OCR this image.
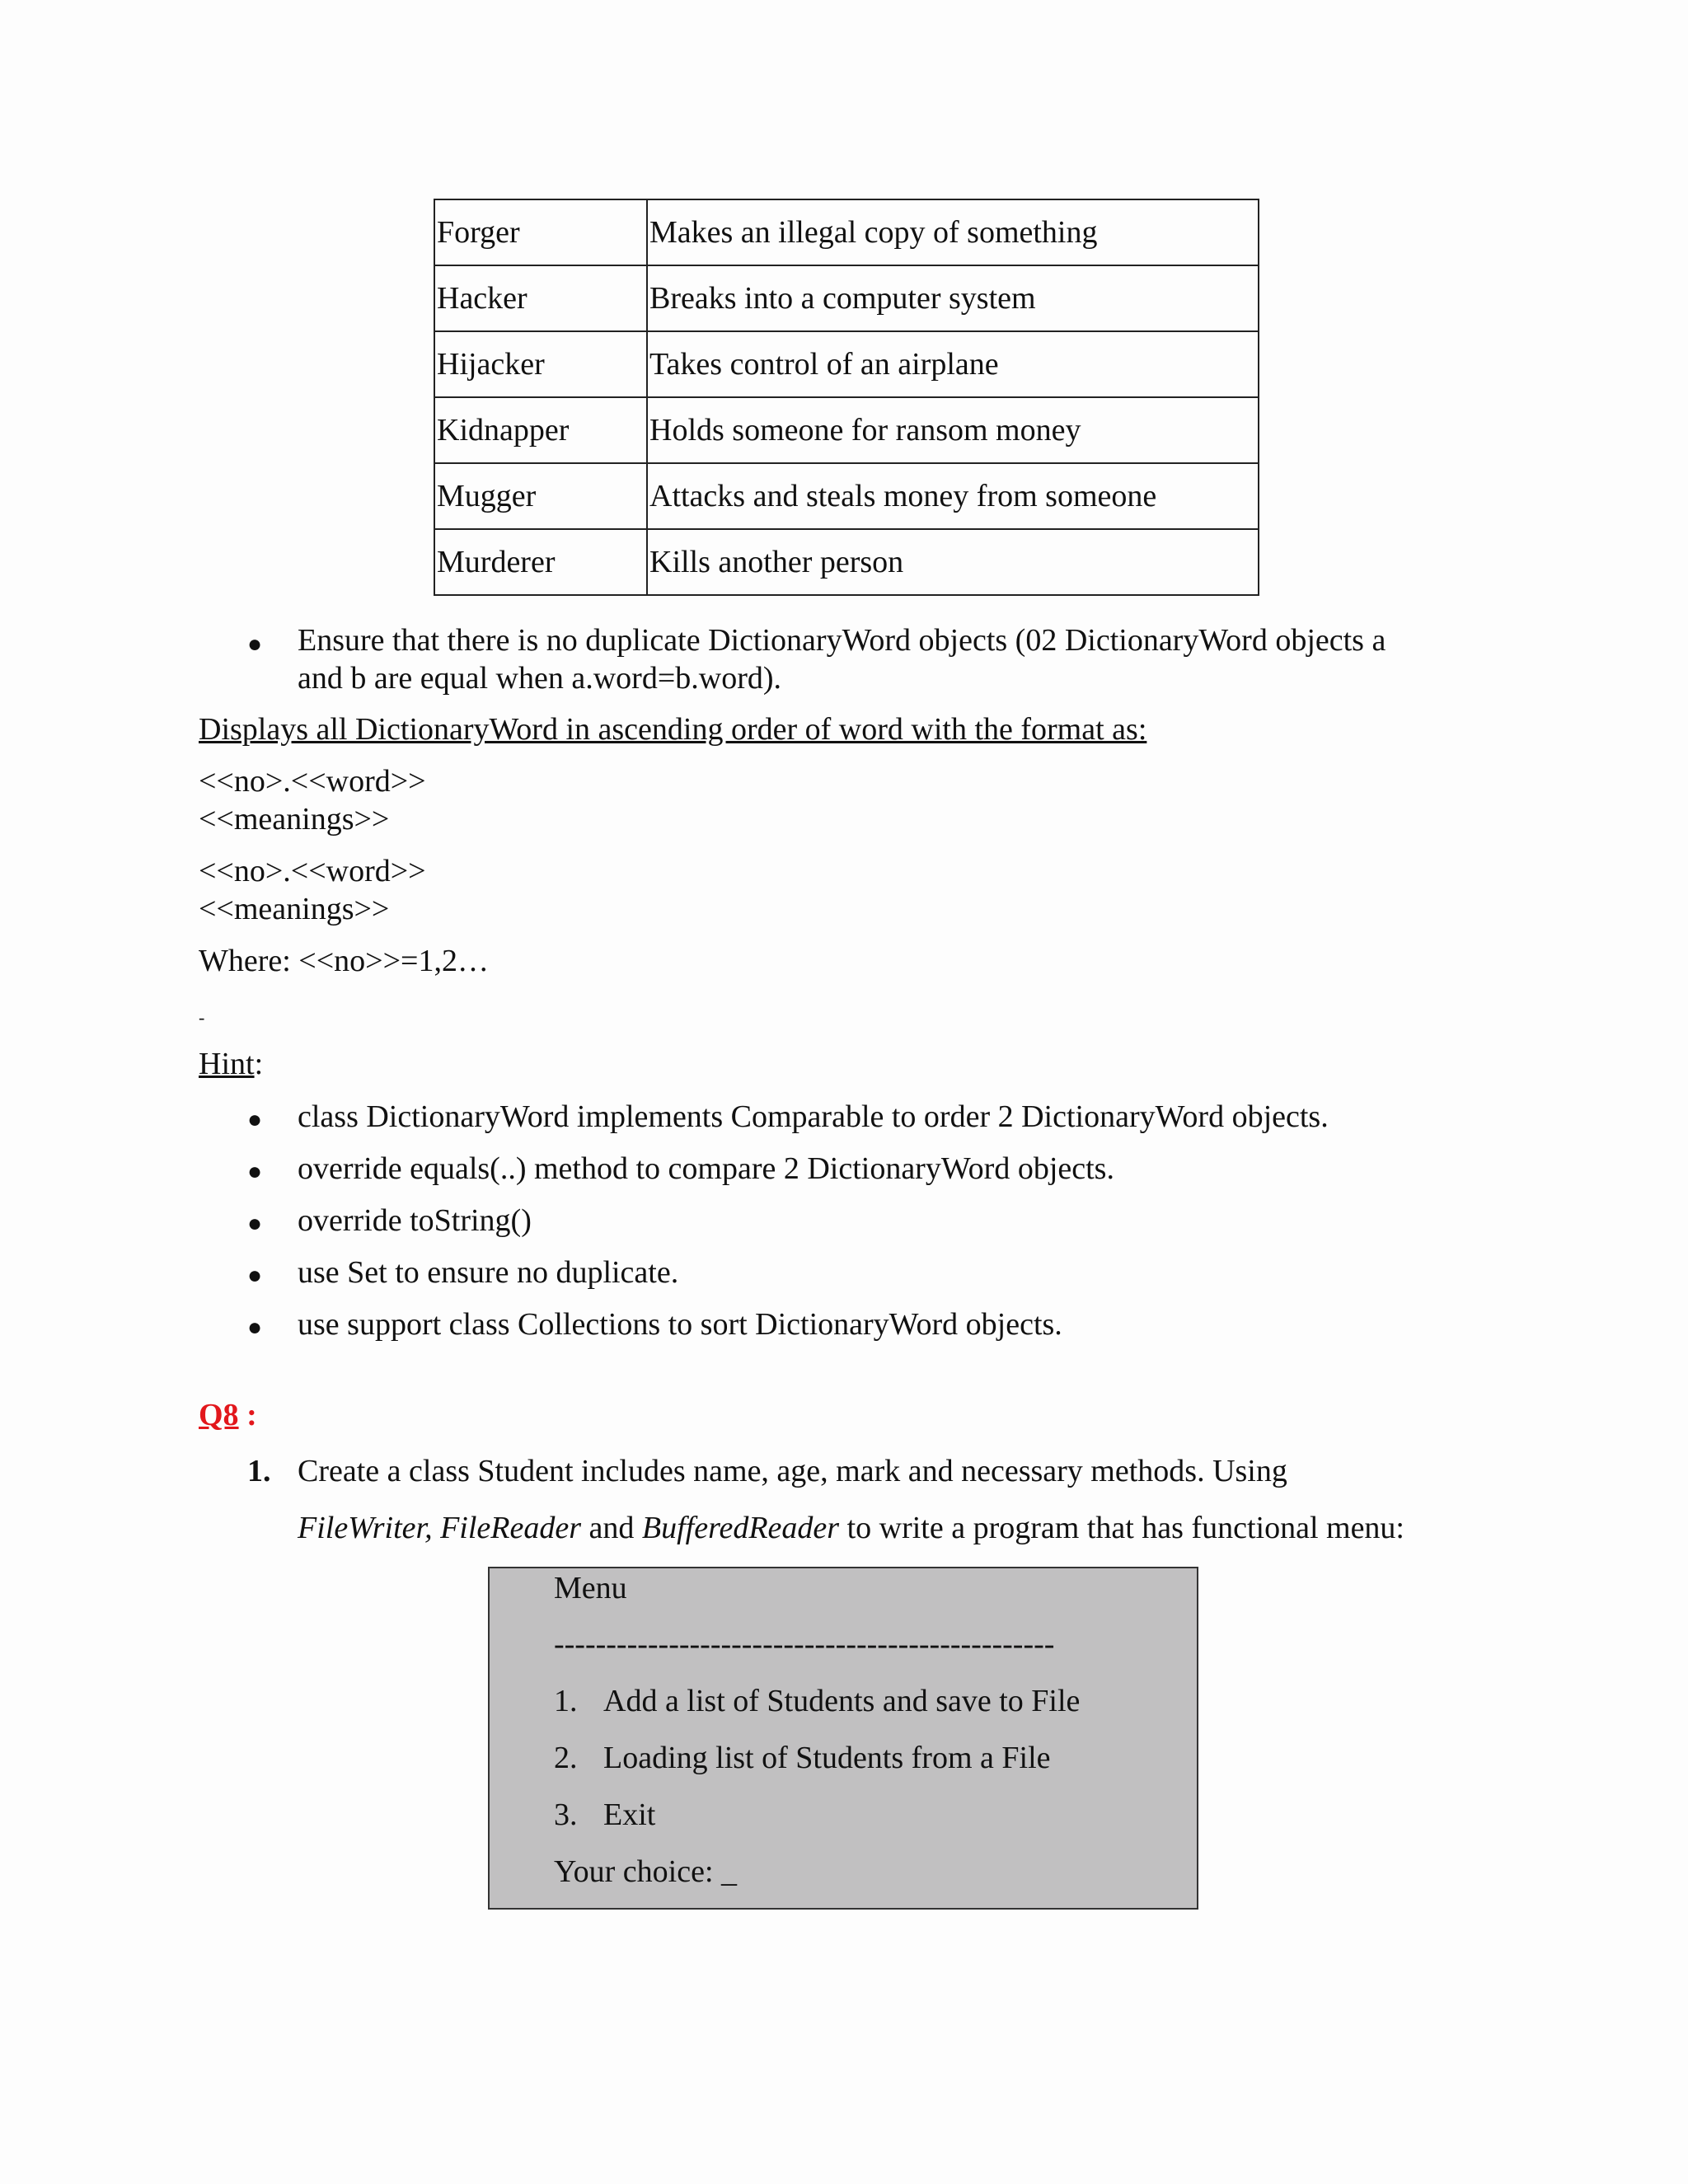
Forger	Makes an illegal copy of something
Hacker	Breaks into a computer system
Hijacker	Takes control of an airplane
Kidnapper	Holds someone for ransom money
Mugger	Attacks and steals money from someone
Murderer	Kills another person
● Ensure that there is no duplicate DictionaryWord objects (02 DictionaryWord objects a
and b are equal when a.word=b.word).
Displays all DictionaryWord in ascending order of word with the format as:
<<no>.<<word>>
<<meanings>>
<<no>.<<word>>
<<meanings>>
Where: <<no>>=1,2…
-
Hint:
● class DictionaryWord implements Comparable to order 2 DictionaryWord objects.
● override equals(..) method to compare 2 DictionaryWord objects.
● override toString()
● use Set to ensure no duplicate.
● use support class Collections to sort DictionaryWord objects.
Q8 :
1. Create a class Student includes name, age, mark and necessary methods. Using
FileWriter, FileReader and BufferedReader to write a program that has functional menu:
Menu
------------------------------------------------
1. Add a list of Students and save to File
2. Loading list of Students from a File
3. Exit
Your choice: _
